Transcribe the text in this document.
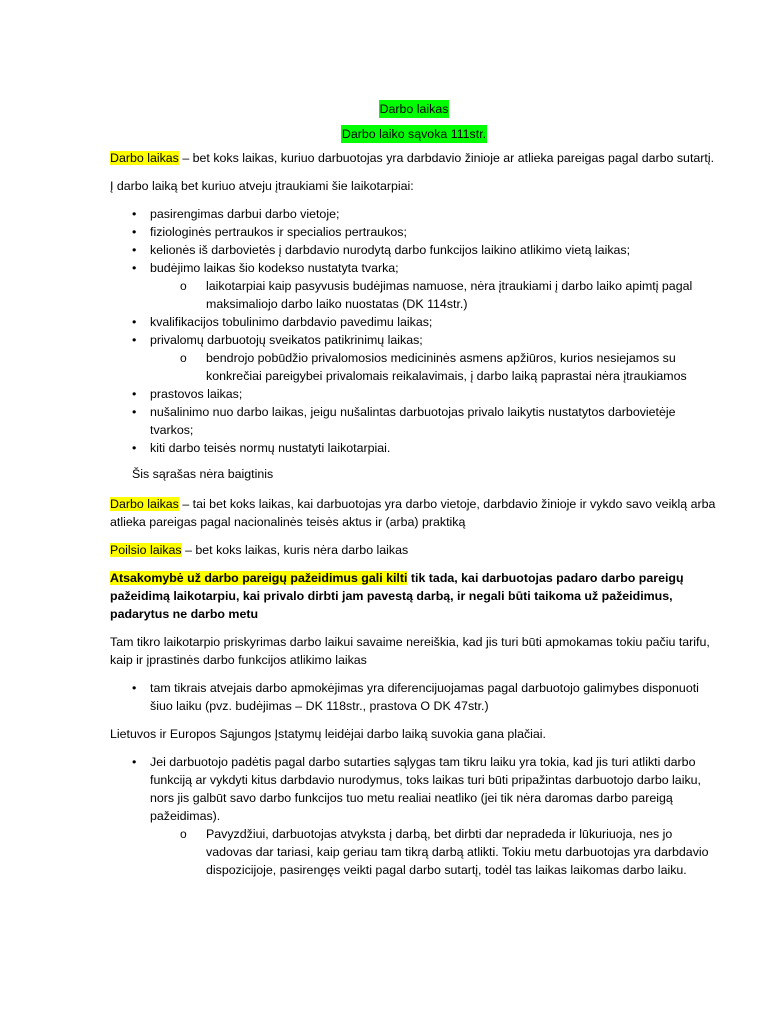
Darbo laikas
Darbo laiko sąvoka 111str.

Darbo laikas – bet koks laikas, kuriuo darbuotojas yra darbdavio žinioje ar atlieka pareigas pagal darbo sutartį.

Į darbo laiką bet kuriuo atveju įtraukiami šie laikotarpiai:

• pasirengimas darbui darbo vietoje;
• fiziologinės pertraukos ir specialios pertraukos;
• kelionės iš darbovietės į darbdavio nurodytą darbo funkcijos laikino atlikimo vietą laikas;
• budėjimo laikas šio kodekso nustatyta tvarka;
o laikotarpiai kaip pasyvusis budėjimas namuose, nėra įtraukiami į darbo laiko apimtį pagal maksimaliojo darbo laiko nuostatas (DK 114str.)
• kvalifikacijos tobulinimo darbdavio pavedimu laikas;
• privalomų darbuotojų sveikatos patikrinimų laikas;
o bendrojo pobūdžio privalomosios medicininės asmens apžiūros, kurios nesiejamos su konkrečiai pareigybei privalomais reikalavimais, į darbo laiką paprastai nėra įtraukiamos
• prastovos laikas;
• nušalinimo nuo darbo laikas, jeigu nušalintas darbuotojas privalo laikytis nustatytos darbovietėje tvarkos;
• kiti darbo teisės normų nustatyti laikotarpiai.

Šis sąrašas nėra baigtinis

Darbo laikas – tai bet koks laikas, kai darbuotojas yra darbo vietoje, darbdavio žinioje ir vykdo savo veiklą arba atlieka pareigas pagal nacionalinės teisės aktus ir (arba) praktiką

Poilsio laikas – bet koks laikas, kuris nėra darbo laikas

Atsakomybė už darbo pareigų pažeidimus gali kilti tik tada, kai darbuotojas padaro darbo pareigų pažeidimą laikotarpiu, kai privalo dirbti jam pavestą darbą, ir negali būti taikoma už pažeidimus, padarytus ne darbo metu

Tam tikro laikotarpio priskyrimas darbo laikui savaime nereiškia, kad jis turi būti apmokamas tokiu pačiu tarifu, kaip ir įprastinės darbo funkcijos atlikimo laikas

• tam tikrais atvejais darbo apmokėjimas yra diferencijuojamas pagal darbuotojo galimybes disponuoti šiuo laiku (pvz. budėjimas – DK 118str., prastova O DK 47str.)

Lietuvos ir Europos Sąjungos Įstatymų leidėjai darbo laiką suvokia gana plačiai.

• Jei darbuotojo padėtis pagal darbo sutarties sąlygas tam tikru laiku yra tokia, kad jis turi atlikti darbo funkciją ar vykdyti kitus darbdavio nurodymus, toks laikas turi būti pripažintas darbuotojo darbo laiku, nors jis galbūt savo darbo funkcijos tuo metu realiai neatliko (jei tik nėra daromas darbo pareigą pažeidimas).
o Pavyzdžiui, darbuotojas atvyksta į darbą, bet dirbti dar nepradeda ir lūkuriuoja, nes jo vadovas dar tariasi, kaip geriau tam tikrą darbą atlikti. Tokiu metu darbuotojas yra darbdavio dispozicijoje, pasirengęs veikti pagal darbo sutartį, todėl tas laikas laikomas darbo laiku.
